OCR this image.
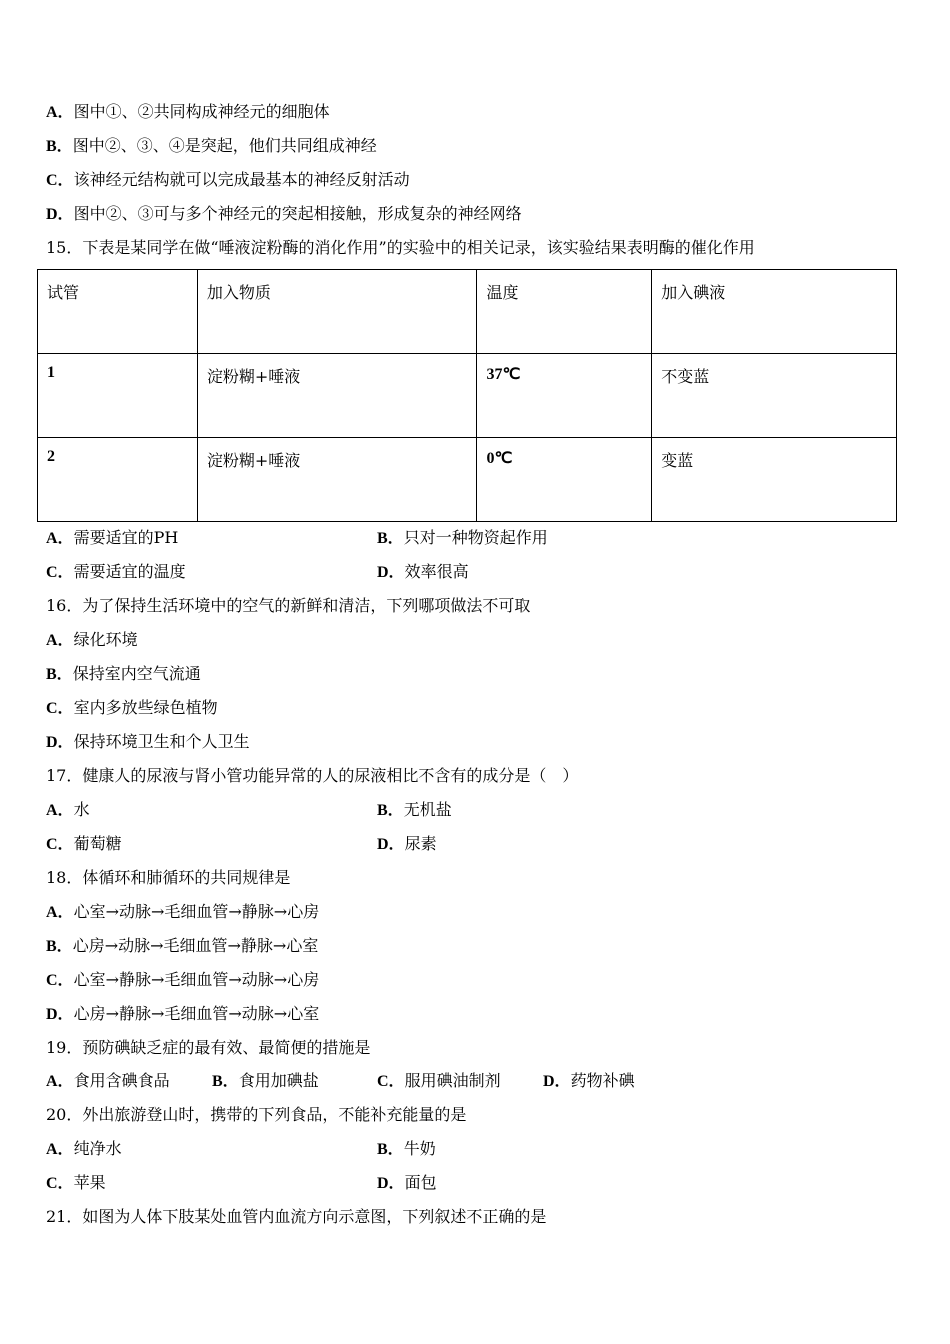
A．图中①、②共同构成神经元的细胞体
B．图中②、③、④是突起，他们共同组成神经
C．该神经元结构就可以完成最基本的神经反射活动
D．图中②、③可与多个神经元的突起相接触，形成复杂的神经网络
15．下表是某同学在做“唾液淀粉酶的消化作用”的实验中的相关记录，该实验结果表明酶的催化作用
试管	加入物质	温度	加入碘液
1	淀粉糊+唾液	37℃	不变蓝
2	淀粉糊+唾液	0℃	变蓝
A．需要适宜的PH	B．只对一种物资起作用
C．需要适宜的温度	D．效率很高
16．为了保持生活环境中的空气的新鲜和清洁，下列哪项做法不可取
A．绿化环境
B．保持室内空气流通
C．室内多放些绿色植物
D．保持环境卫生和个人卫生
17．健康人的尿液与肾小管功能异常的人的尿液相比不含有的成分是（　）
A．水	B．无机盐
C．葡萄糖	D．尿素
18．体循环和肺循环的共同规律是
A．心室→动脉→毛细血管→静脉→心房
B．心房→动脉→毛细血管→静脉→心室
C．心室→静脉→毛细血管→动脉→心房
D．心房→静脉→毛细血管→动脉→心室
19．预防碘缺乏症的最有效、最简便的措施是
A．食用含碘食品	B．食用加碘盐	C．服用碘油制剂	D．药物补碘
20．外出旅游登山时，携带的下列食品，不能补充能量的是
A．纯净水	B．牛奶
C．苹果	D．面包
21．如图为人体下肢某处血管内血流方向示意图，下列叙述不正确的是
